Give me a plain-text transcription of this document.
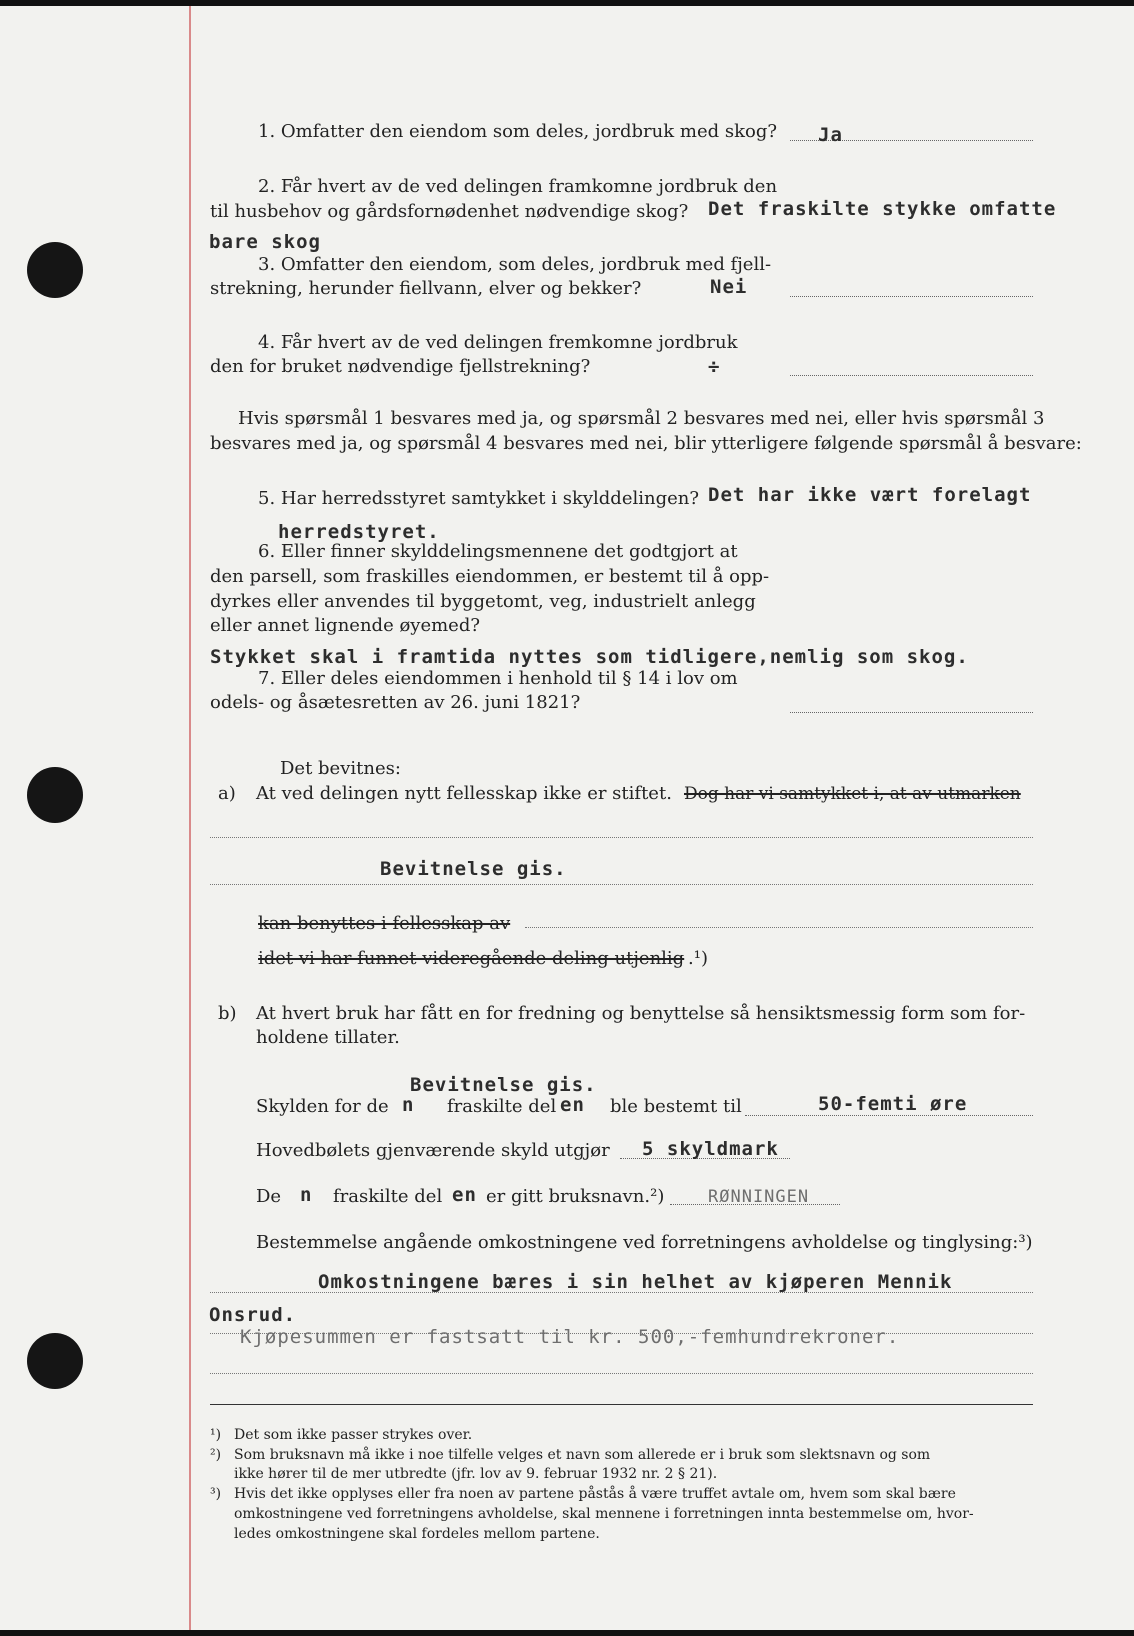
1. Omfatter den eiendom som deles, jordbruk med skog? Ja
2. Får hvert av de ved delingen framkomne jordbruk den
til husbehov og gårdsfornødenhet nødvendige skog? Det fraskilte stykke omfatte
bare skog
3. Omfatter den eiendom, som deles, jordbruk med fjell-
strekning, herunder fiellvann, elver og bekker?	Nei
4. Får hvert av de ved delingen fremkomne jordbruk
den for bruket nødvendige fjellstrekning?	÷
Hvis spørsmål 1 besvares med ja, og spørsmål 2 besvares med nei, eller hvis spørsmål 3
besvares med ja, og spørsmål 4 besvares med nei, blir ytterligere følgende spørsmål å besvare:
5. Har herredsstyret samtykket i skylddelingen? Det har ikke vært forelagt
herredstyret.
6. Eller finner skylddelingsmennene det godtgjort at
den parsell, som fraskilles eiendommen, er bestemt til å opp-
dyrkes eller anvendes til byggetomt, veg, industrielt anlegg
eller annet lignende øyemed?
Stykket skal i framtida nyttes som tidligere,nemlig som skog.
7. Eller deles eiendommen i henhold til § 14 i lov om
odels- og åsætesretten av 26. juni 1821?
Det bevitnes:
a) At ved delingen nytt fellesskap ikke er stiftet. Dog har vi samtykket i, at av utmarken
Bevitnelse gis.
kan benyttes i fellesskap av
idet vi har funnet videregående deling utjenlig .¹)
b) At hvert bruk har fått en for fredning og benyttelse så hensiktsmessig form som for-
holdene tillater.
Bevitnelse gis.
Skylden for de n fraskilte del en ble bestemt til	50-femti øre
Hovedbølets gjenværende skyld utgjør 5 skyldmark
De n fraskilte del en er gitt bruksnavn.²)	RØNNINGEN
Bestemmelse angående omkostningene ved forretningens avholdelse og tinglysing:³)
Omkostningene bæres i sin helhet av kjøperen Mennik
Onsrud.
Kjøpesummen er fastsatt til kr. 500,-femhundrekroner.
¹) Det som ikke passer strykes over.
²) Som bruksnavn må ikke i noe tilfelle velges et navn som allerede er i bruk som slektsnavn og som
ikke hører til de mer utbredte (jfr. lov av 9. februar 1932 nr. 2 § 21).
³) Hvis det ikke opplyses eller fra noen av partene påstås å være truffet avtale om, hvem som skal bære
omkostningene ved forretningens avholdelse, skal mennene i forretningen innta bestemmelse om, hvor-
ledes omkostningene skal fordeles mellom partene.
